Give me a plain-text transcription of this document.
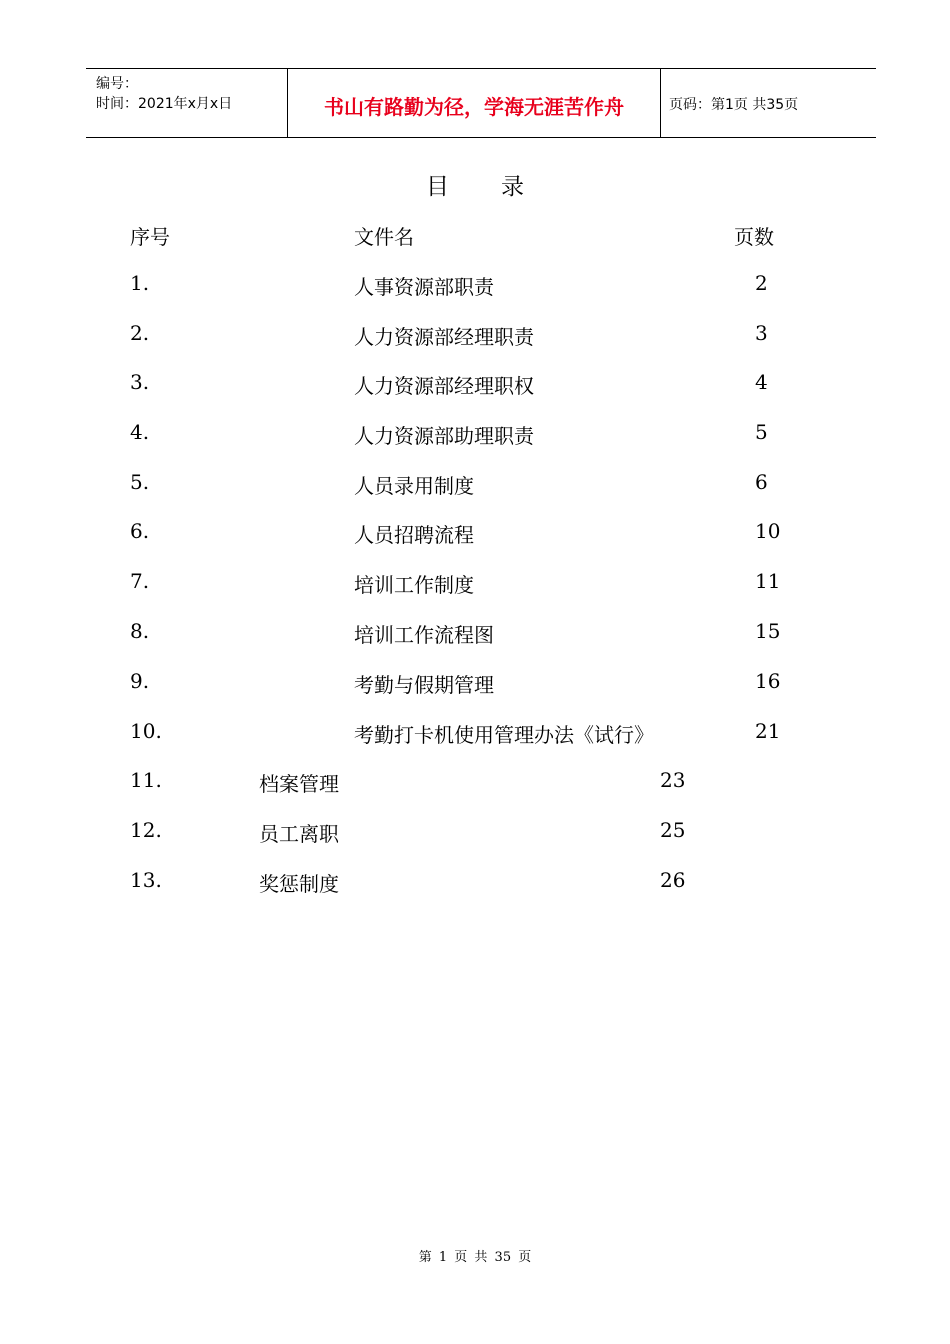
编号：
时间：2021年x月x日	书山有路勤为径，学海无涯苦作舟	页码：第1页 共35页
目录
序号	文件名	页数
1.	人事资源部职责	2
2.	人力资源部经理职责	3
3.	人力资源部经理职权	4
4.	人力资源部助理职责	5
5.	人员录用制度	6
6.	人员招聘流程	10
7.	培训工作制度	11
8.	培训工作流程图	15
9.	考勤与假期管理	16
10.	考勤打卡机使用管理办法《试行》	21
11.	档案管理	23
12.	员工离职	25
13.	奖惩制度	26
第 1 页 共 35 页
